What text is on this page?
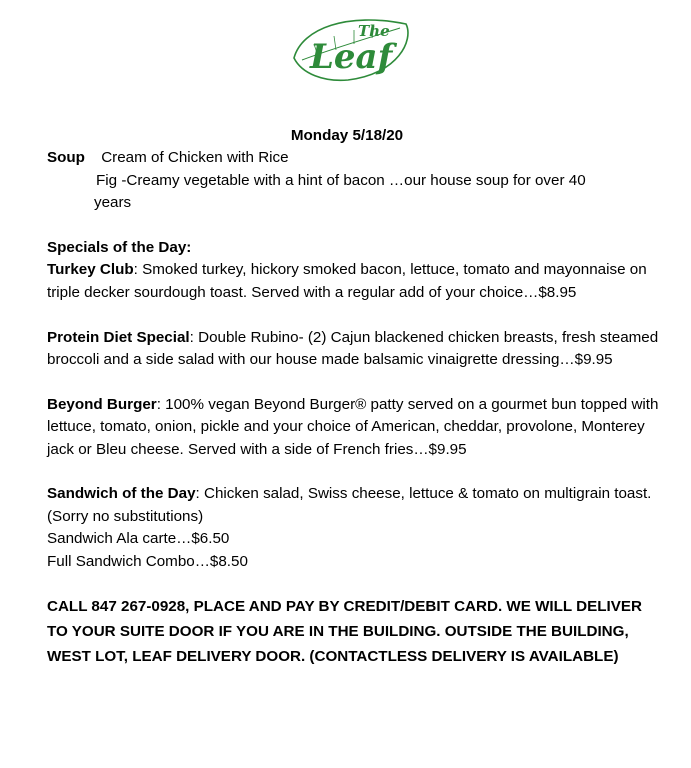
The
Leaf

Monday 5/18/20

Soup Cream of Chicken with Rice

Fig -Creamy vegetable with a hint of bacon …our house soup for over 40

years

Specials of the Day:

Turkey Club: Smoked turkey, hickory smoked bacon, lettuce, tomato and mayonnaise on triple decker sourdough toast. Served with a regular add of your choice…$8.95

Protein Diet Special: Double Rubino- (2) Cajun blackened chicken breasts, fresh steamed broccoli and a side salad with our house made balsamic vinaigrette dressing…$9.95

Beyond Burger: 100% vegan Beyond Burger® patty served on a gourmet bun topped with lettuce, tomato, onion, pickle and your choice of American, cheddar, provolone, Monterey jack or Bleu cheese. Served with a side of French fries…$9.95

Sandwich of the Day: Chicken salad, Swiss cheese, lettuce & tomato on multigrain toast.

(Sorry no substitutions)

Sandwich Ala carte…$6.50

Full Sandwich Combo…$8.50

CALL 847 267-0928, PLACE AND PAY BY CREDIT/DEBIT CARD. WE WILL DELIVER

TO YOUR SUITE DOOR IF YOU ARE IN THE BUILDING. OUTSIDE THE BUILDING,

WEST LOT, LEAF DELIVERY DOOR. (CONTACTLESS DELIVERY IS AVAILABLE)
